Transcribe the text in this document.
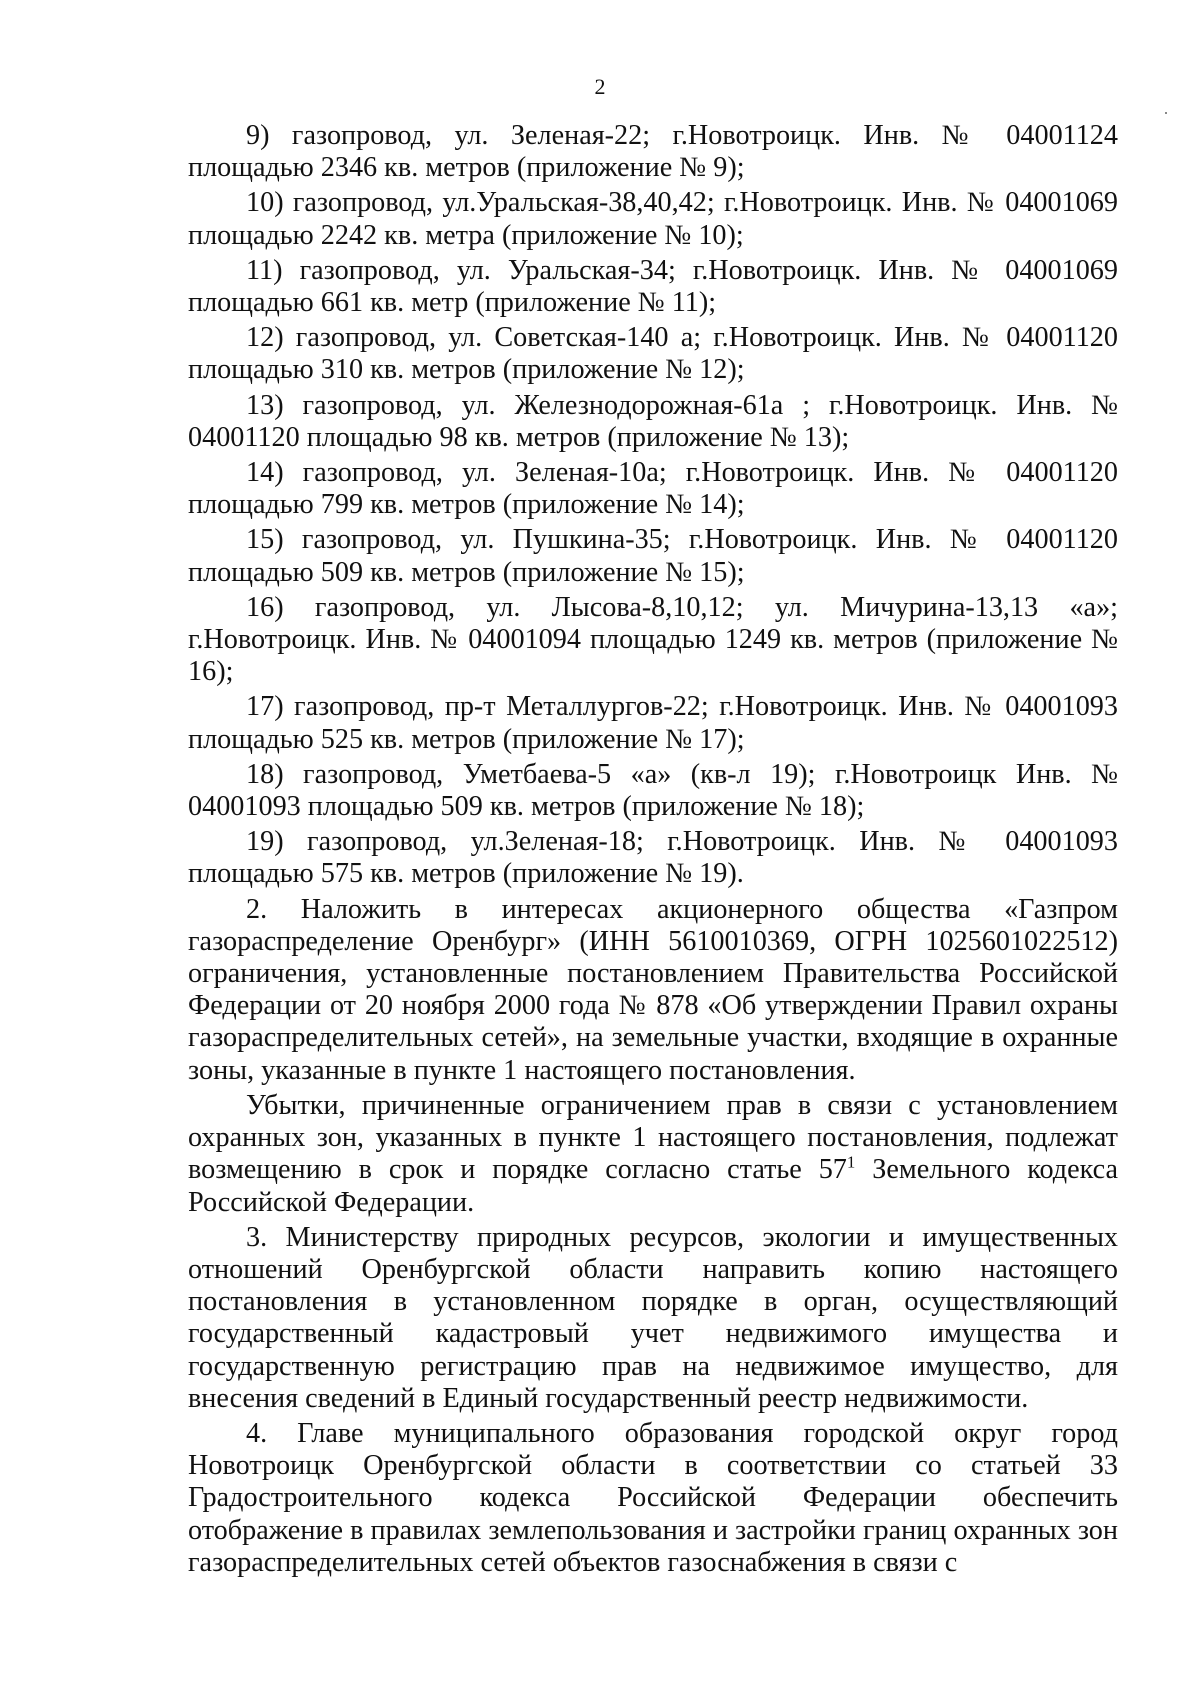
2

9) газопровод, ул. Зеленая-22; г.Новотроицк. Инв. № 04001124 площадью 2346 кв. метров (приложение № 9);

10) газопровод, ул.Уральская-38,40,42; г.Новотроицк. Инв. № 04001069 площадью 2242 кв. метра (приложение № 10);

11) газопровод, ул. Уральская-34; г.Новотроицк. Инв. № 04001069 площадью 661 кв. метр (приложение № 11);

12) газопровод, ул. Советская-140 а; г.Новотроицк. Инв. № 04001120 площадью 310 кв. метров (приложение № 12);

13) газопровод, ул. Железнодорожная-61а ; г.Новотроицк. Инв. № 04001120 площадью 98 кв. метров (приложение № 13);

14) газопровод, ул. Зеленая-10а; г.Новотроицк. Инв. № 04001120 площадью 799 кв. метров (приложение № 14);

15) газопровод, ул. Пушкина-35; г.Новотроицк. Инв. № 04001120 площадью 509 кв. метров (приложение № 15);

16) газопровод, ул. Лысова-8,10,12; ул. Мичурина-13,13 «а»; г.Новотроицк. Инв. № 04001094 площадью 1249 кв. метров (приложение № 16);

17) газопровод, пр-т Металлургов-22; г.Новотроицк. Инв. № 04001093 площадью 525 кв. метров (приложение № 17);

18) газопровод, Уметбаева-5 «а» (кв-л 19); г.Новотроицк Инв. № 04001093 площадью 509 кв. метров (приложение № 18);

19) газопровод, ул.Зеленая-18; г.Новотроицк. Инв. № 04001093 площадью 575 кв. метров (приложение № 19).

2. Наложить в интересах акционерного общества «Газпром газораспределение Оренбург» (ИНН 5610010369, ОГРН 1025601022512) ограничения, установленные постановлением Правительства Российской Федерации от 20 ноября 2000 года № 878 «Об утверждении Правил охраны газораспределительных сетей», на земельные участки, входящие в охранные зоны, указанные в пункте 1 настоящего постановления.

Убытки, причиненные ограничением прав в связи с установлением охранных зон, указанных в пункте 1 настоящего постановления, подлежат возмещению в срок и порядке согласно статье $57^1$ Земельного кодекса Российской Федерации.

3. Министерству природных ресурсов, экологии и имущественных отношений Оренбургской области направить копию настоящего постановления в установленном порядке в орган, осуществляющий государственный кадастровый учет недвижимого имущества и государственную регистрацию прав на недвижимое имущество, для внесения сведений в Единый государственный реестр недвижимости.

4. Главе муниципального образования городской округ город Новотроицк Оренбургской области в соответствии со статьей 33 Градостроительного кодекса Российской Федерации обеспечить отображение в правилах землепользования и застройки границ охранных зон газораспределительных сетей объектов газоснабжения в связи с
